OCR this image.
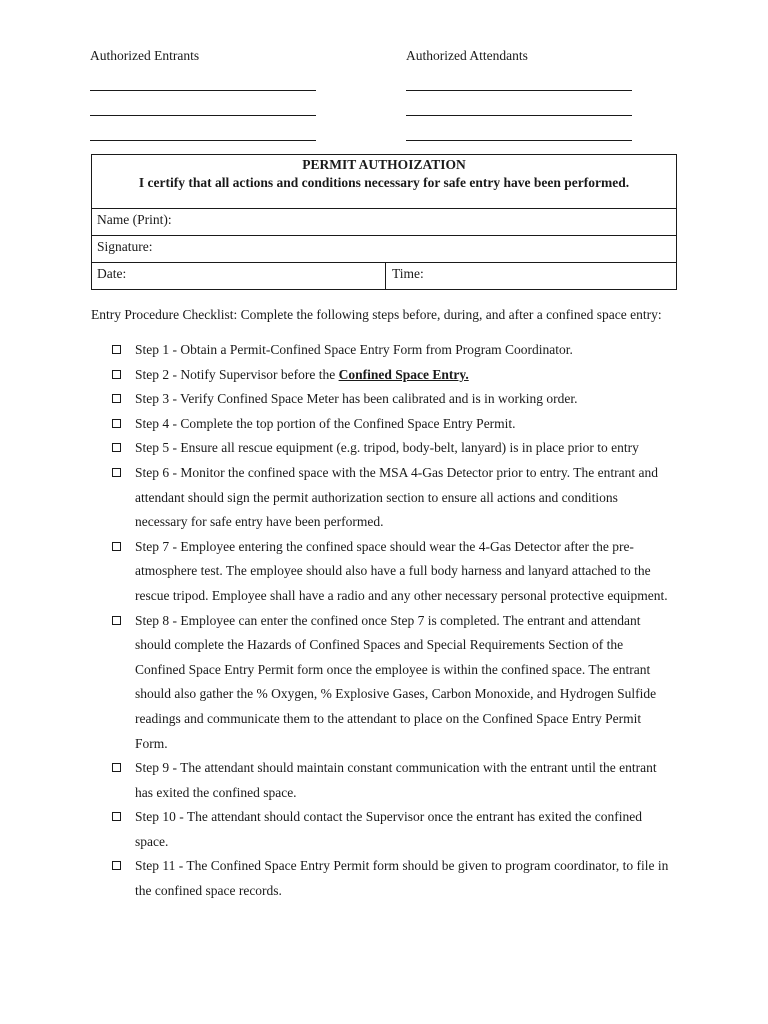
Authorized Entrants	Authorized Attendants
PERMIT AUTHOIZATION
I certify that all actions and conditions necessary for safe entry have been performed.
Name (Print):
Signature:
Date:	Time:
Entry Procedure Checklist: Complete the following steps before, during, and after a confined space entry:
Step 1 - Obtain a Permit-Confined Space Entry Form from Program Coordinator.
Step 2 - Notify Supervisor before the Confined Space Entry.
Step 3 - Verify Confined Space Meter has been calibrated and is in working order.
Step 4 - Complete the top portion of the Confined Space Entry Permit.
Step 5 - Ensure all rescue equipment (e.g. tripod, body-belt, lanyard) is in place prior to entry
Step 6 - Monitor the confined space with the MSA 4-Gas Detector prior to entry. The entrant and attendant should sign the permit authorization section to ensure all actions and conditions necessary for safe entry have been performed.
Step 7 - Employee entering the confined space should wear the 4-Gas Detector after the pre-atmosphere test. The employee should also have a full body harness and lanyard attached to the rescue tripod. Employee shall have a radio and any other necessary personal protective equipment.
Step 8 - Employee can enter the confined once Step 7 is completed. The entrant and attendant should complete the Hazards of Confined Spaces and Special Requirements Section of the Confined Space Entry Permit form once the employee is within the confined space. The entrant should also gather the % Oxygen, % Explosive Gases, Carbon Monoxide, and Hydrogen Sulfide readings and communicate them to the attendant to place on the Confined Space Entry Permit Form.
Step 9 - The attendant should maintain constant communication with the entrant until the entrant has exited the confined space.
Step 10 - The attendant should contact the Supervisor once the entrant has exited the confined space.
Step 11 - The Confined Space Entry Permit form should be given to program coordinator, to file in the confined space records.
